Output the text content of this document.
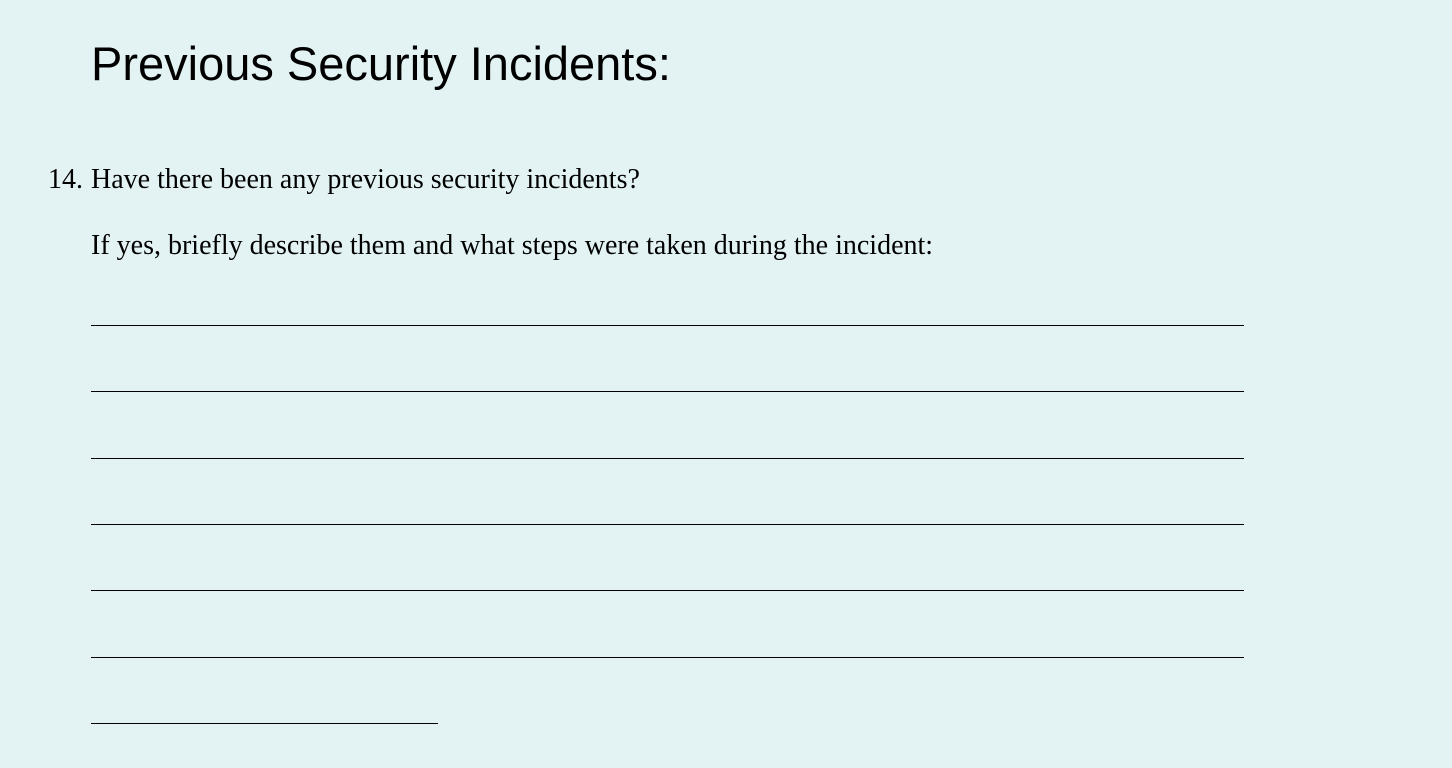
Previous Security Incidents:
14. Have there been any previous security incidents?
If yes, briefly describe them and what steps were taken during the incident:
